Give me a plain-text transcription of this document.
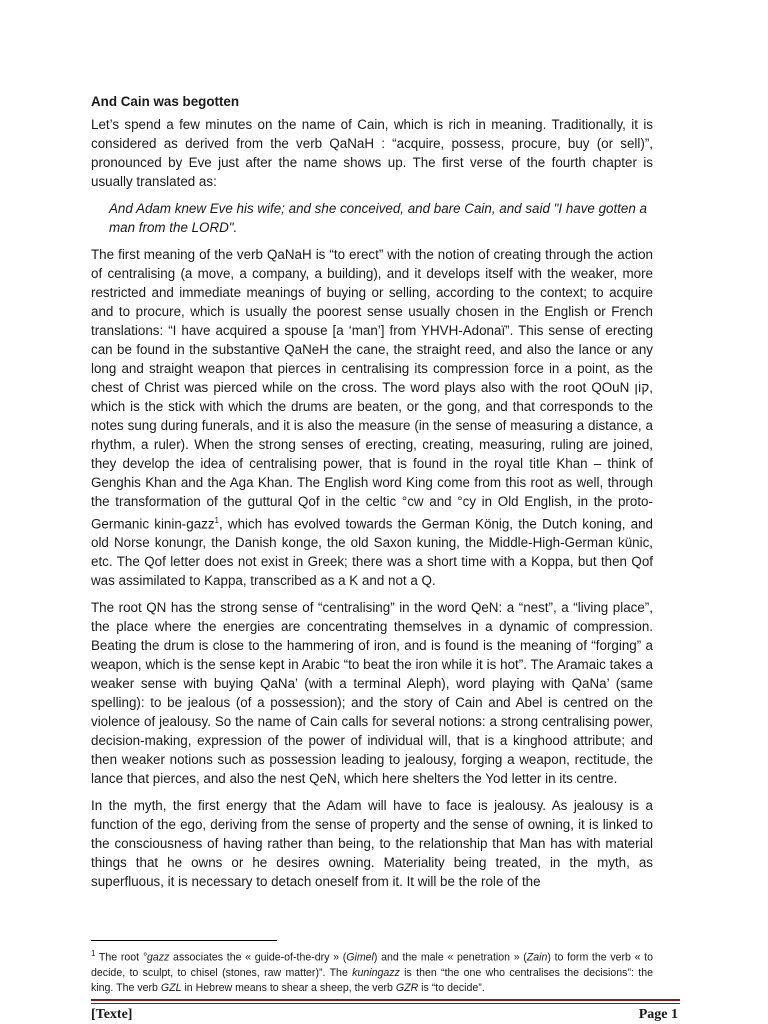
And Cain was begotten
Let’s spend a few minutes on the name of Cain, which is rich in meaning. Traditionally, it is considered as derived from the verb QaNaH : “acquire, possess, procure, buy (or sell)”, pronounced by Eve just after the name shows up. The first verse of the fourth chapter is usually translated as:
And Adam knew Eve his wife; and she conceived, and bare Cain, and said "I have gotten a man from the LORD".
The first meaning of the verb QaNaH is “to erect” with the notion of creating through the action of centralising (a move, a company, a building), and it develops itself with the weaker, more restricted and immediate meanings of buying or selling, according to the context; to acquire and to procure, which is usually the poorest sense usually chosen in the English or French translations: “I have acquired a spouse [a ‘man’] from YHVH-Adonaï”. This sense of erecting can be found in the substantive QaNeH the cane, the straight reed, and also the lance or any long and straight weapon that pierces in centralising its compression force in a point, as the chest of Christ was pierced while on the cross. The word plays also with the root QOuN קוֹן, which is the stick with which the drums are beaten, or the gong, and that corresponds to the notes sung during funerals, and it is also the measure (in the sense of measuring a distance, a rhythm, a ruler). When the strong senses of erecting, creating, measuring, ruling are joined, they develop the idea of centralising power, that is found in the royal title Khan – think of Genghis Khan and the Aga Khan. The English word King come from this root as well, through the transformation of the guttural Qof in the celtic °cw and °cy in Old English, in the proto-Germanic kinin-gazz$^1$, which has evolved towards the German König, the Dutch koning, and old Norse konungr, the Danish konge, the old Saxon kuning, the Middle-High-German künic, etc. The Qof letter does not exist in Greek; there was a short time with a Koppa, but then Qof was assimilated to Kappa, transcribed as a K and not a Q.
The root QN has the strong sense of “centralising” in the word QeN: a “nest”, a “living place”, the place where the energies are concentrating themselves in a dynamic of compression. Beating the drum is close to the hammering of iron, and is found is the meaning of “forging” a weapon, which is the sense kept in Arabic “to beat the iron while it is hot”. The Aramaic takes a weaker sense with buying QaNa’ (with a terminal Aleph), word playing with QaNa’ (same spelling): to be jealous (of a possession); and the story of Cain and Abel is centred on the violence of jealousy. So the name of Cain calls for several notions: a strong centralising power, decision-making, expression of the power of individual will, that is a kinghood attribute; and then weaker notions such as possession leading to jealousy, forging a weapon, rectitude, the lance that pierces, and also the nest QeN, which here shelters the Yod letter in its centre.
In the myth, the first energy that the Adam will have to face is jealousy. As jealousy is a function of the ego, deriving from the sense of property and the sense of owning, it is linked to the consciousness of having rather than being, to the relationship that Man has with material things that he owns or he desires owning. Materiality being treated, in the myth, as superfluous, it is necessary to detach oneself from it. It will be the role of the
$^1$ The root °gazz associates the « guide-of-the-dry » (Gimel) and the male « penetration » (Zain) to form the verb « to decide, to sculpt, to chisel (stones, raw matter)”. The kuningazz is then “the one who centralises the decisions”: the king. The verb GZL in Hebrew means to shear a sheep, the verb GZR is “to decide”.
[Texte]	Page 1
